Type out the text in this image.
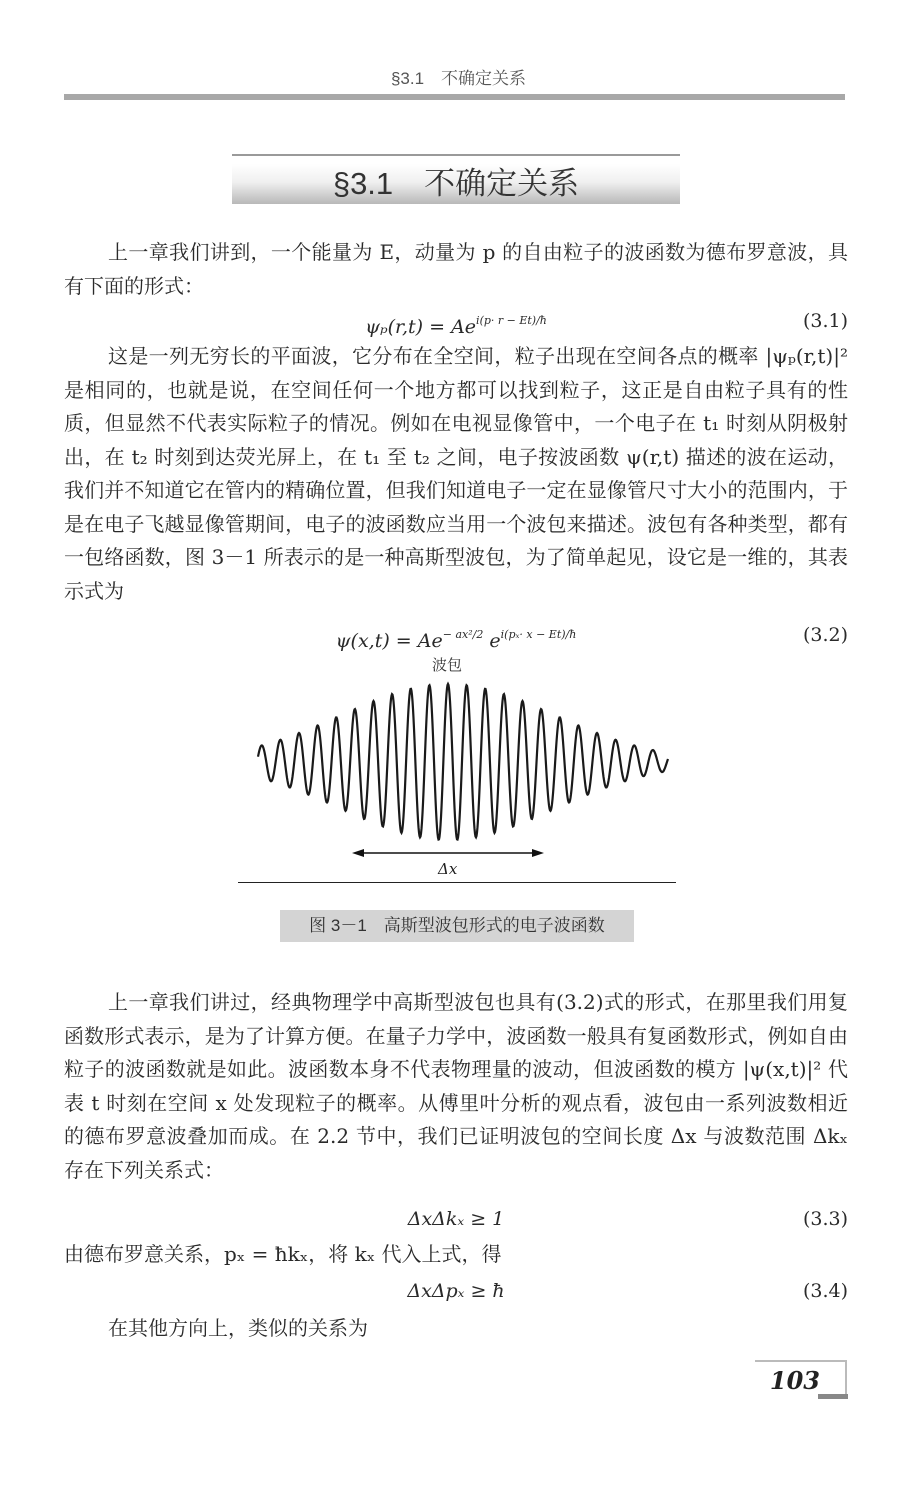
§3.1　不确定关系
§3.1　不确定关系

上一章我们讲到，一个能量为 E，动量为 p 的自由粒子的波函数为德布罗意波，具有下面的形式：

$\psi_p(r,t) = Ae^{i(p\cdot r - Et)/ħ}$	(3.1)

这是一列无穷长的平面波，它分布在全空间，粒子出现在空间各点的概率 |ψₚ(r,t)|² 是相同的，也就是说，在空间任何一个地方都可以找到粒子，这正是自由粒子具有的性质，但显然不代表实际粒子的情况。例如在电视显像管中，一个电子在 t₁ 时刻从阴极射出，在 t₂ 时刻到达荧光屏上，在 t₁ 至 t₂ 之间，电子按波函数 ψ(r,t) 描述的波在运动，我们并不知道它在管内的精确位置，但我们知道电子一定在显像管尺寸大小的范围内，于是在电子飞越显像管期间，电子的波函数应当用一个波包来描述。波包有各种类型，都有一包络函数，图 3－1 所表示的是一种高斯型波包，为了简单起见，设它是一维的，其表示式为

$\psi(x,t) = Ae^{- ax^2/2}$ $e^{i(p_x\cdot x - Et)/ħ}$	(3.2)
波包
Δx
图 3－1　高斯型波包形式的电子波函数

上一章我们讲过，经典物理学中高斯型波包也具有(3.2)式的形式，在那里我们用复函数形式表示，是为了计算方便。在量子力学中，波函数一般具有复函数形式，例如自由粒子的波函数就是如此。波函数本身不代表物理量的波动，但波函数的模方 |ψ(x,t)|² 代表 t 时刻在空间 x 处发现粒子的概率。从傅里叶分析的观点看，波包由一系列波数相近的德布罗意波叠加而成。在 2.2 节中，我们已证明波包的空间长度 Δx 与波数范围 Δkₓ 存在下列关系式：

ΔxΔkₓ ≥ 1	(3.3)

由德布罗意关系，pₓ = ħkₓ，将 kₓ 代入上式，得

ΔxΔpₓ ≥ ħ	(3.4)

在其他方向上，类似的关系为

103
